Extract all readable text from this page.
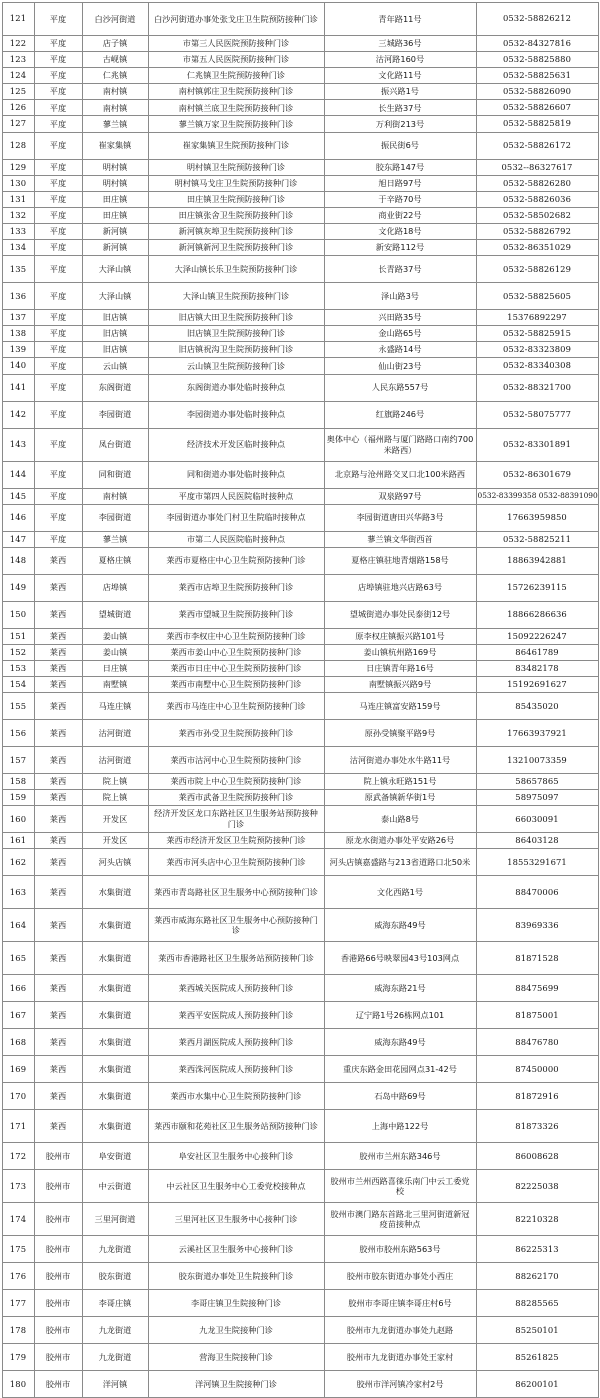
121	平度	白沙河街道	白沙河街道办事处张戈庄卫生院预防接种门诊	青年路11号	0532-58826212
122	平度	店子镇	市第三人民医院预防接种门诊	三城路36号	0532-84327816
123	平度	古岘镇	市第五人民医院预防接种门诊	沽河路160号	0532-58825880
124	平度	仁兆镇	仁兆镇卫生院预防接种门诊	文化路11号	0532-58825631
125	平度	南村镇	南村镇郭庄卫生院预防接种门诊	振兴路1号	0532-58826090
126	平度	南村镇	南村镇兰底卫生院预防接种门诊	长生路37号	0532-58826607
127	平度	蓼兰镇	蓼兰镇万家卫生院预防接种门诊	万利街213号	0532-58825819
128	平度	崔家集镇	崔家集镇卫生院预防接种门诊	振民街6号	0532-58826172
129	平度	明村镇	明村镇卫生院预防接种门诊	胶东路147号	0532--86327617
130	平度	明村镇	明村镇马戈庄卫生院预防接种门诊	旭日路97号	0532-58826280
131	平度	田庄镇	田庄镇卫生院预防接种门诊	于辛路70号	0532-58826036
132	平度	田庄镇	田庄镇张舍卫生院预防接种门诊	商业街22号	0532-58502682
133	平度	新河镇	新河镇灰埠卫生院预防接种门诊	文化路18号	0532-58826792
134	平度	新河镇	新河镇新河卫生院预防接种门诊	新安路112号	0532-86351029
135	平度	大泽山镇	大泽山镇长乐卫生院预防接种门诊	长青路37号	0532-58826129
136	平度	大泽山镇	大泽山镇卫生院预防接种门诊	泽山路3号	0532-58825605
137	平度	旧店镇	旧店镇大田卫生院预防接种门诊	兴田路35号	15376892297
138	平度	旧店镇	旧店镇卫生院预防接种门诊	金山路65号	0532-58825915
139	平度	旧店镇	旧店镇祝沟卫生院预防接种门诊	永盛路14号	0532-83323809
140	平度	云山镇	云山镇卫生院预防接种门诊	仙山街23号	0532-83340308
141	平度	东阁街道	东阁街道办事处临时接种点	人民东路557号	0532-88321700
142	平度	李园街道	李园街道办事处临时接种点	红旗路246号	0532-58075777
143	平度	凤台街道	经济技术开发区临时接种点	奥体中心（福州路与厦门路路口南约700米路西）	0532-83301891
144	平度	同和街道	同和街道办事处临时接种点	北京路与沧州路交叉口北100米路西	0532-86301679
145	平度	南村镇	平度市第四人民医院临时接种点	双泉路97号	0532-83399358 0532-88391090
146	平度	李园街道	李园街道办事处门村卫生院临时接种点	李园街道唐田兴华路3号	17663959850
147	平度	蓼兰镇	市第二人民医院临时接种点	蓼兰镇文华街西首	0532-58825211
148	莱西	夏格庄镇	莱西市夏格庄中心卫生院预防接种门诊	夏格庄镇驻地青烟路158号	18863942881
149	莱西	店埠镇	莱西市店埠卫生院预防接种门诊	店埠镇驻地兴店路63号	15726239115
150	莱西	望城街道	莱西市望城卫生院预防接种门诊	望城街道办事处民泰街12号	18866286636
151	莱西	姜山镇	莱西市李权庄中心卫生院预防接种门诊	原李权庄镇振兴路101号	15092226247
152	莱西	姜山镇	莱西市姜山中心卫生院预防接种门诊	姜山镇杭州路169号	86461789
153	莱西	日庄镇	莱西市日庄中心卫生院预防接种门诊	日庄镇青年路16号	83482178
154	莱西	南墅镇	莱西市南墅中心卫生院预防接种门诊	南墅镇振兴路9号	15192691627
155	莱西	马连庄镇	莱西市马连庄中心卫生院预防接种门诊	马连庄镇富安路159号	85435020
156	莱西	沽河街道	莱西市孙受卫生院预防接种门诊	原孙受镇聚平路9号	17663937921
157	莱西	沽河街道	莱西市沽河中心卫生院预防接种门诊	沽河街道办事处水牛路11号	13210073359
158	莱西	院上镇	莱西市院上中心卫生院预防接种门诊	院上镇永旺路151号	58657865
159	莱西	院上镇	莱西市武备卫生院预防接种门诊	原武备镇新华街1号	58975097
160	莱西	开发区	经济开发区龙口东路社区卫生服务站预防接种门诊	泰山路8号	66030091
161	莱西	开发区	莱西市经济开发区卫生院预防接种门诊	原龙水街道办事处平安路26号	86403128
162	莱西	河头店镇	莱西市河头店中心卫生院预防接种门诊	河头店镇嘉盛路与213省道路口北50米	18553291671
163	莱西	水集街道	莱西市青岛路社区卫生服务中心预防接种门诊	文化西路1号	88470006
164	莱西	水集街道	莱西市威海东路社区卫生服务中心预防接种门诊	威海东路49号	83969336
165	莱西	水集街道	莱西市香港路社区卫生服务站预防接种门诊	香港路66号映翠园43号103网点	81871528
166	莱西	水集街道	莱西城关医院成人预防接种门诊	威海东路21号	88475699
167	莱西	水集街道	莱西平安医院成人预防接种门诊	辽宁路1号26栋网点101	81875001
168	莱西	水集街道	莱西月湖医院成人预防接种门诊	威海东路49号	88476780
169	莱西	水集街道	莱西洙河医院成人预防接种门诊	重庆东路金田花园网点31-42号	87450000
170	莱西	水集街道	莱西市水集中心卫生院预防接种门诊	石岛中路69号	81872916
171	莱西	水集街道	莱西市颐和花苑社区卫生服务站预防接种门诊	上海中路122号	81873326
172	胶州市	阜安街道	阜安社区卫生服务中心接种门诊	胶州市兰州东路346号	86008628
173	胶州市	中云街道	中云社区卫生服务中心工委党校接种点	胶州市兰州西路喜徕乐南门中云工委党校	82225038
174	胶州市	三里河街道	三里河社区卫生服务中心接种门诊	胶州市澳门路东首路北三里河街道新冠疫苗接种点	82210328
175	胶州市	九龙街道	云溪社区卫生服务中心接种门诊	胶州市胶州东路563号	86225313
176	胶州市	胶东街道	胶东街道办事处卫生院接种门诊	胶州市胶东街道办事处小西庄	88262170
177	胶州市	李哥庄镇	李哥庄镇卫生院接种门诊	胶州市李哥庄镇李哥庄村6号	88285565
178	胶州市	九龙街道	九龙卫生院接种门诊	胶州市九龙街道办事处九赵路	85250101
179	胶州市	九龙街道	营海卫生院接种门诊	胶州市九龙街道办事处王家村	85261825
180	胶州市	洋河镇	洋河镇卫生院接种门诊	胶州市洋河镇冷家村2号	86200101
